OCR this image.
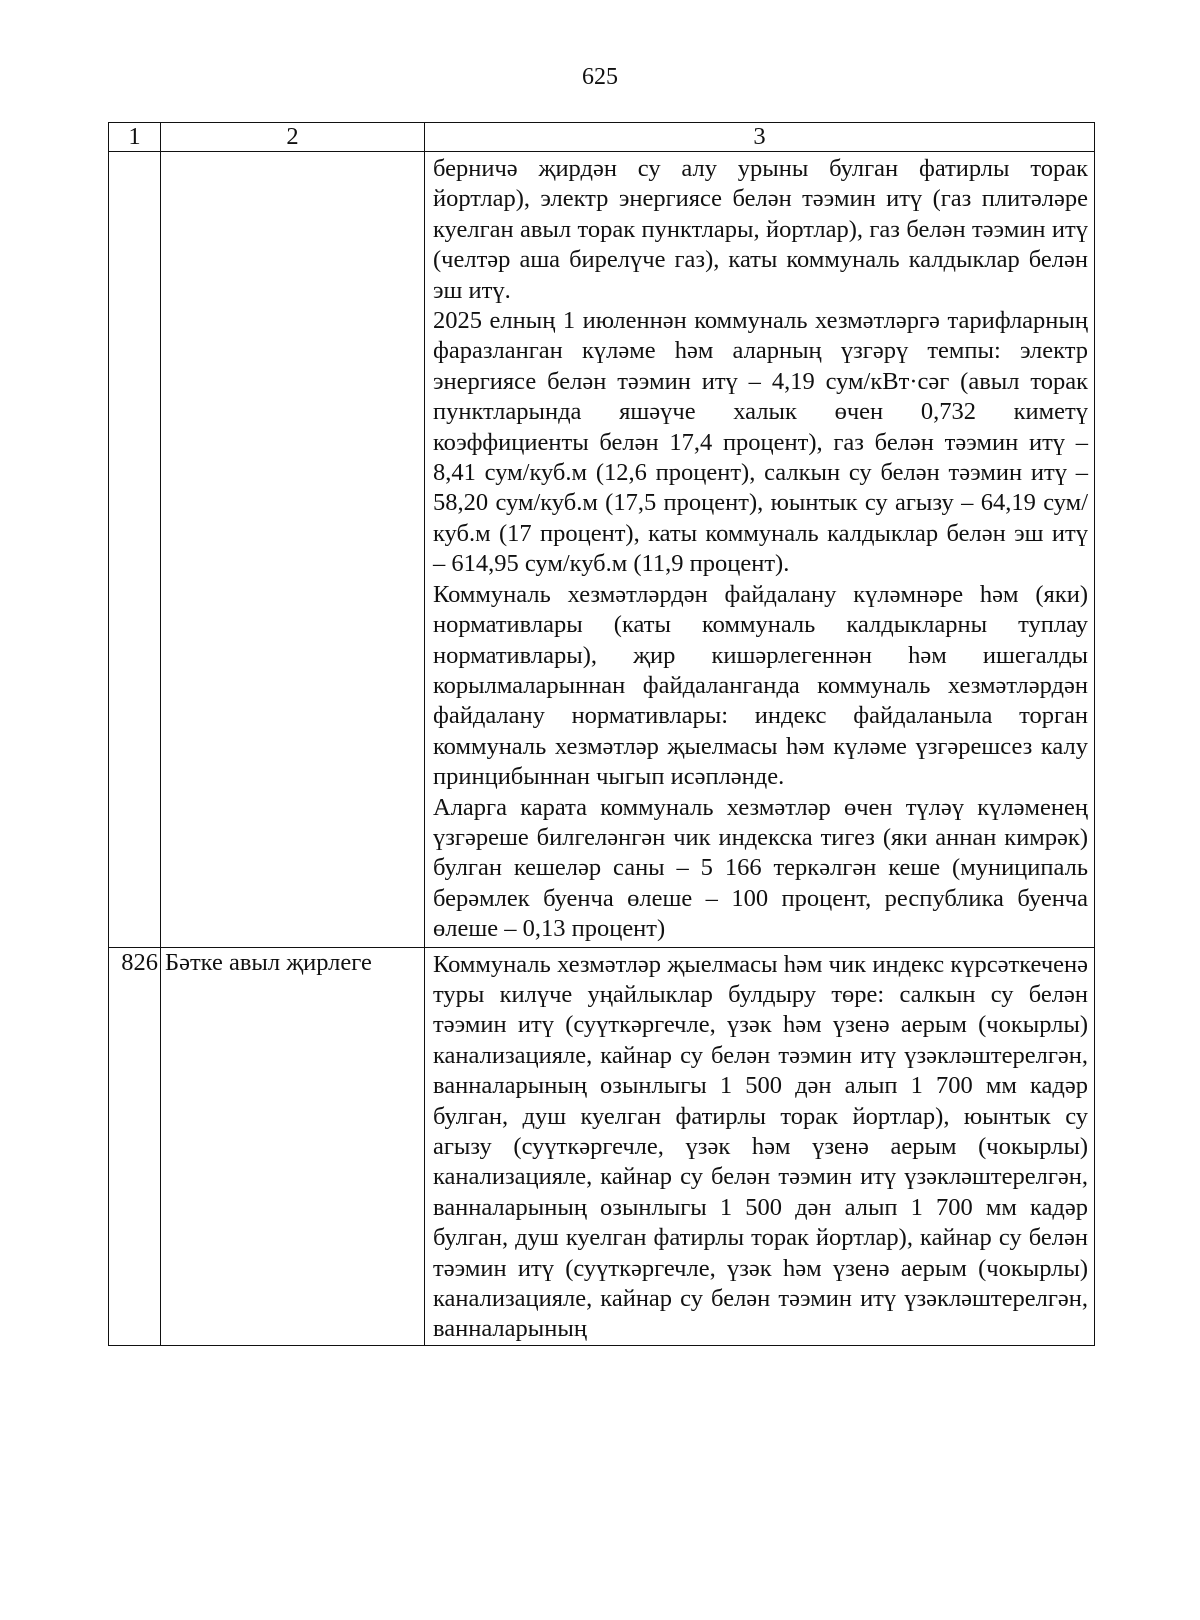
625
1	2	3

		берничә җирдән су алу урыны булган фатирлы торак йортлар), электр энергиясе белән тәэмин итү (газ плитәләре куелган авыл торак пунктлары, йортлар), газ белән тәэмин итү (челтәр аша бирелүче газ), каты коммуналь калдыклар белән эш итү.

2025 елның 1 июленнән коммуналь хезмәтләргә тарифларның фаразланган күләме һәм аларның үзгәрү темпы: электр энергиясе белән тәэмин итү – 4,19 сум/кВт·сәг (авыл торак пунктларында яшәүче халык өчен 0,732 киметү коэффициенты белән 17,4 процент), газ белән тәэмин итү – 8,41 сум/куб.м (12,6 процент), салкын су белән тәэмин итү – 58,20 сум/куб.м (17,5 процент), юынтык су агызу – 64,19 сум/куб.м (17 процент), каты коммуналь калдыклар белән эш итү – 614,95 сум/куб.м (11,9 процент).

Коммуналь хезмәтләрдән файдалану күләмнәре һәм (яки) нормативлары (каты коммуналь калдыкларны туплау нормативлары), җир кишәрлегеннән һәм ишегалды корылмаларыннан файдаланганда коммуналь хезмәтләрдән файдалану нормативлары: индекс файдаланыла торган коммуналь хезмәтләр җыелмасы һәм күләме үзгәрешсез калу принцибыннан чыгып исәпләнде.

Аларга карата коммуналь хезмәтләр өчен түләү күләменең үзгәреше билгеләнгән чик индекска тигез (яки аннан кимрәк) булган кешеләр саны – 5 166 теркәлгән кеше (муниципаль берәмлек буенча өлеше – 100 процент, республика буенча өлеше – 0,13 процент)

826	Бәтке авыл җирлеге	Коммуналь хезмәтләр җыелмасы һәм чик индекс күрсәткеченә туры килүче уңайлыклар булдыру төре: салкын су белән тәэмин итү (суүткәргечле, үзәк һәм үзенә аерым (чокырлы) канализацияле, кайнар су белән тәэмин итү үзәкләштерелгән, ванналарының озынлыгы 1 500 дән алып 1 700 мм кадәр булган, душ куелган фатирлы торак йортлар), юынтык су агызу (суүткәргечле, үзәк һәм үзенә аерым (чокырлы) канализацияле, кайнар су белән тәэмин итү үзәкләштерелгән, ванналарының озынлыгы 1 500 дән алып 1 700 мм кадәр булган, душ куелган фатирлы торак йортлар), кайнар су белән тәэмин итү (суүткәргечле, үзәк һәм үзенә аерым (чокырлы) канализацияле, кайнар су белән тәэмин итү үзәкләштерелгән, ванналарының
